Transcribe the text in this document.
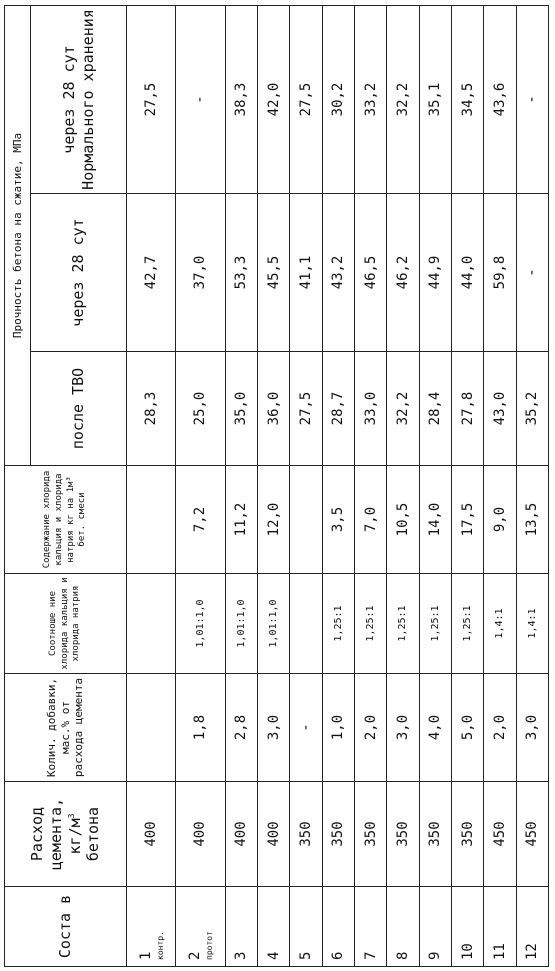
Соста в	Расход цемента, $кг/м^3$ бетона	Колич. добавки, мас.% от расхода цемента	Соотноше ние хлорида кальция и хлорида натрия	Содержание хлорида кальция и хлорида натрия кг на 1м³ бет. смеси	Прочность бетона на сжатие, МПа		
					после ТВО	через 28 сут	через 28 сут Нормального хранения
1 контр.	400				28,3	42,7	27,5
2 протот	400	1,8	1,01:1,0	7,2	25,0	37,0	-
3	400	2,8	1,01:1,0	11,2	35,0	53,3	38,3
4	400	3,0	1,01:1,0	12,0	36,0	45,5	42,0
5	350	-			27,5	41,1	27,5
6	350	1,0	1,25:1	3,5	28,7	43,2	30,2
7	350	2,0	1,25:1	7,0	33,0	46,5	33,2
8	350	3,0	1,25:1	10,5	32,2	46,2	32,2
9	350	4,0	1,25:1	14,0	28,4	44,9	35,1
10	350	5,0	1,25:1	17,5	27,8	44,0	34,5
11	450	2,0	1,4:1	9,0	43,0	59,8	43,6
12	450	3,0	1,4:1	13,5	35,2	-	-
